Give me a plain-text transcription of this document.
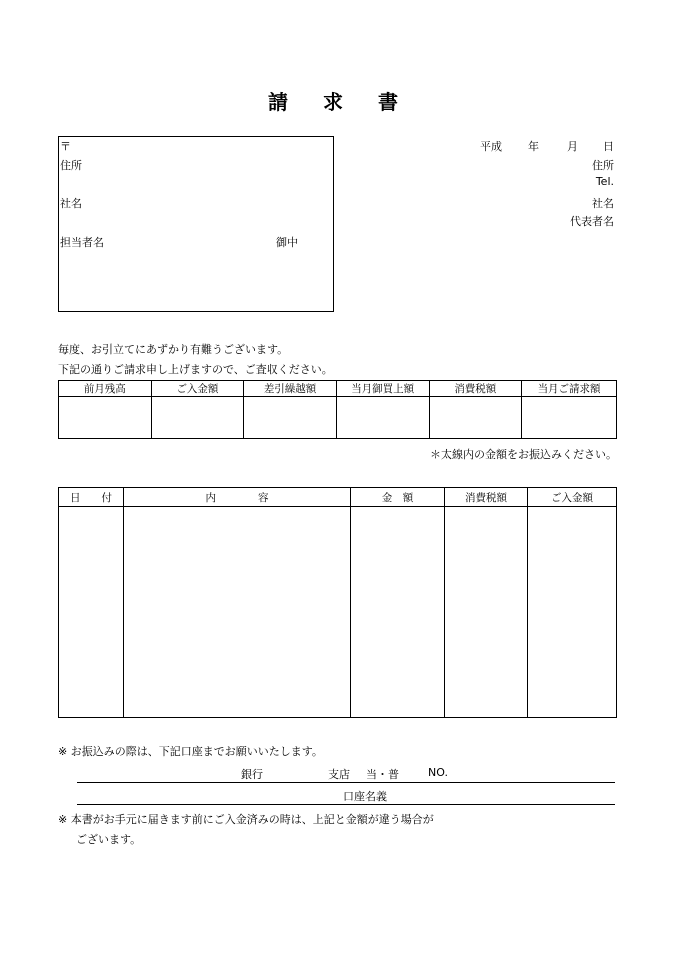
請 求 書
〒
住所
社名
担当者名	御中
平成 年	月 日
住所
Tel.
社名
代表者名
毎度、お引立てにあずかり有難うございます。
下記の通りご請求申し上げますので、ご査収ください。
前月残高	ご入金額	差引繰越額	当月御買上額	消費税額	当月ご請求額

＊太線内の金額をお振込みください。
日　　付	内　　　　容	金　額	消費税額	ご入金額

※ お振込みの際は、下記口座までお願いいたします。
銀行	支店 当・普	NO.
口座名義
※ 本書がお手元に届きます前にご入金済みの時は、上記と金額が違う場合が
ございます。
